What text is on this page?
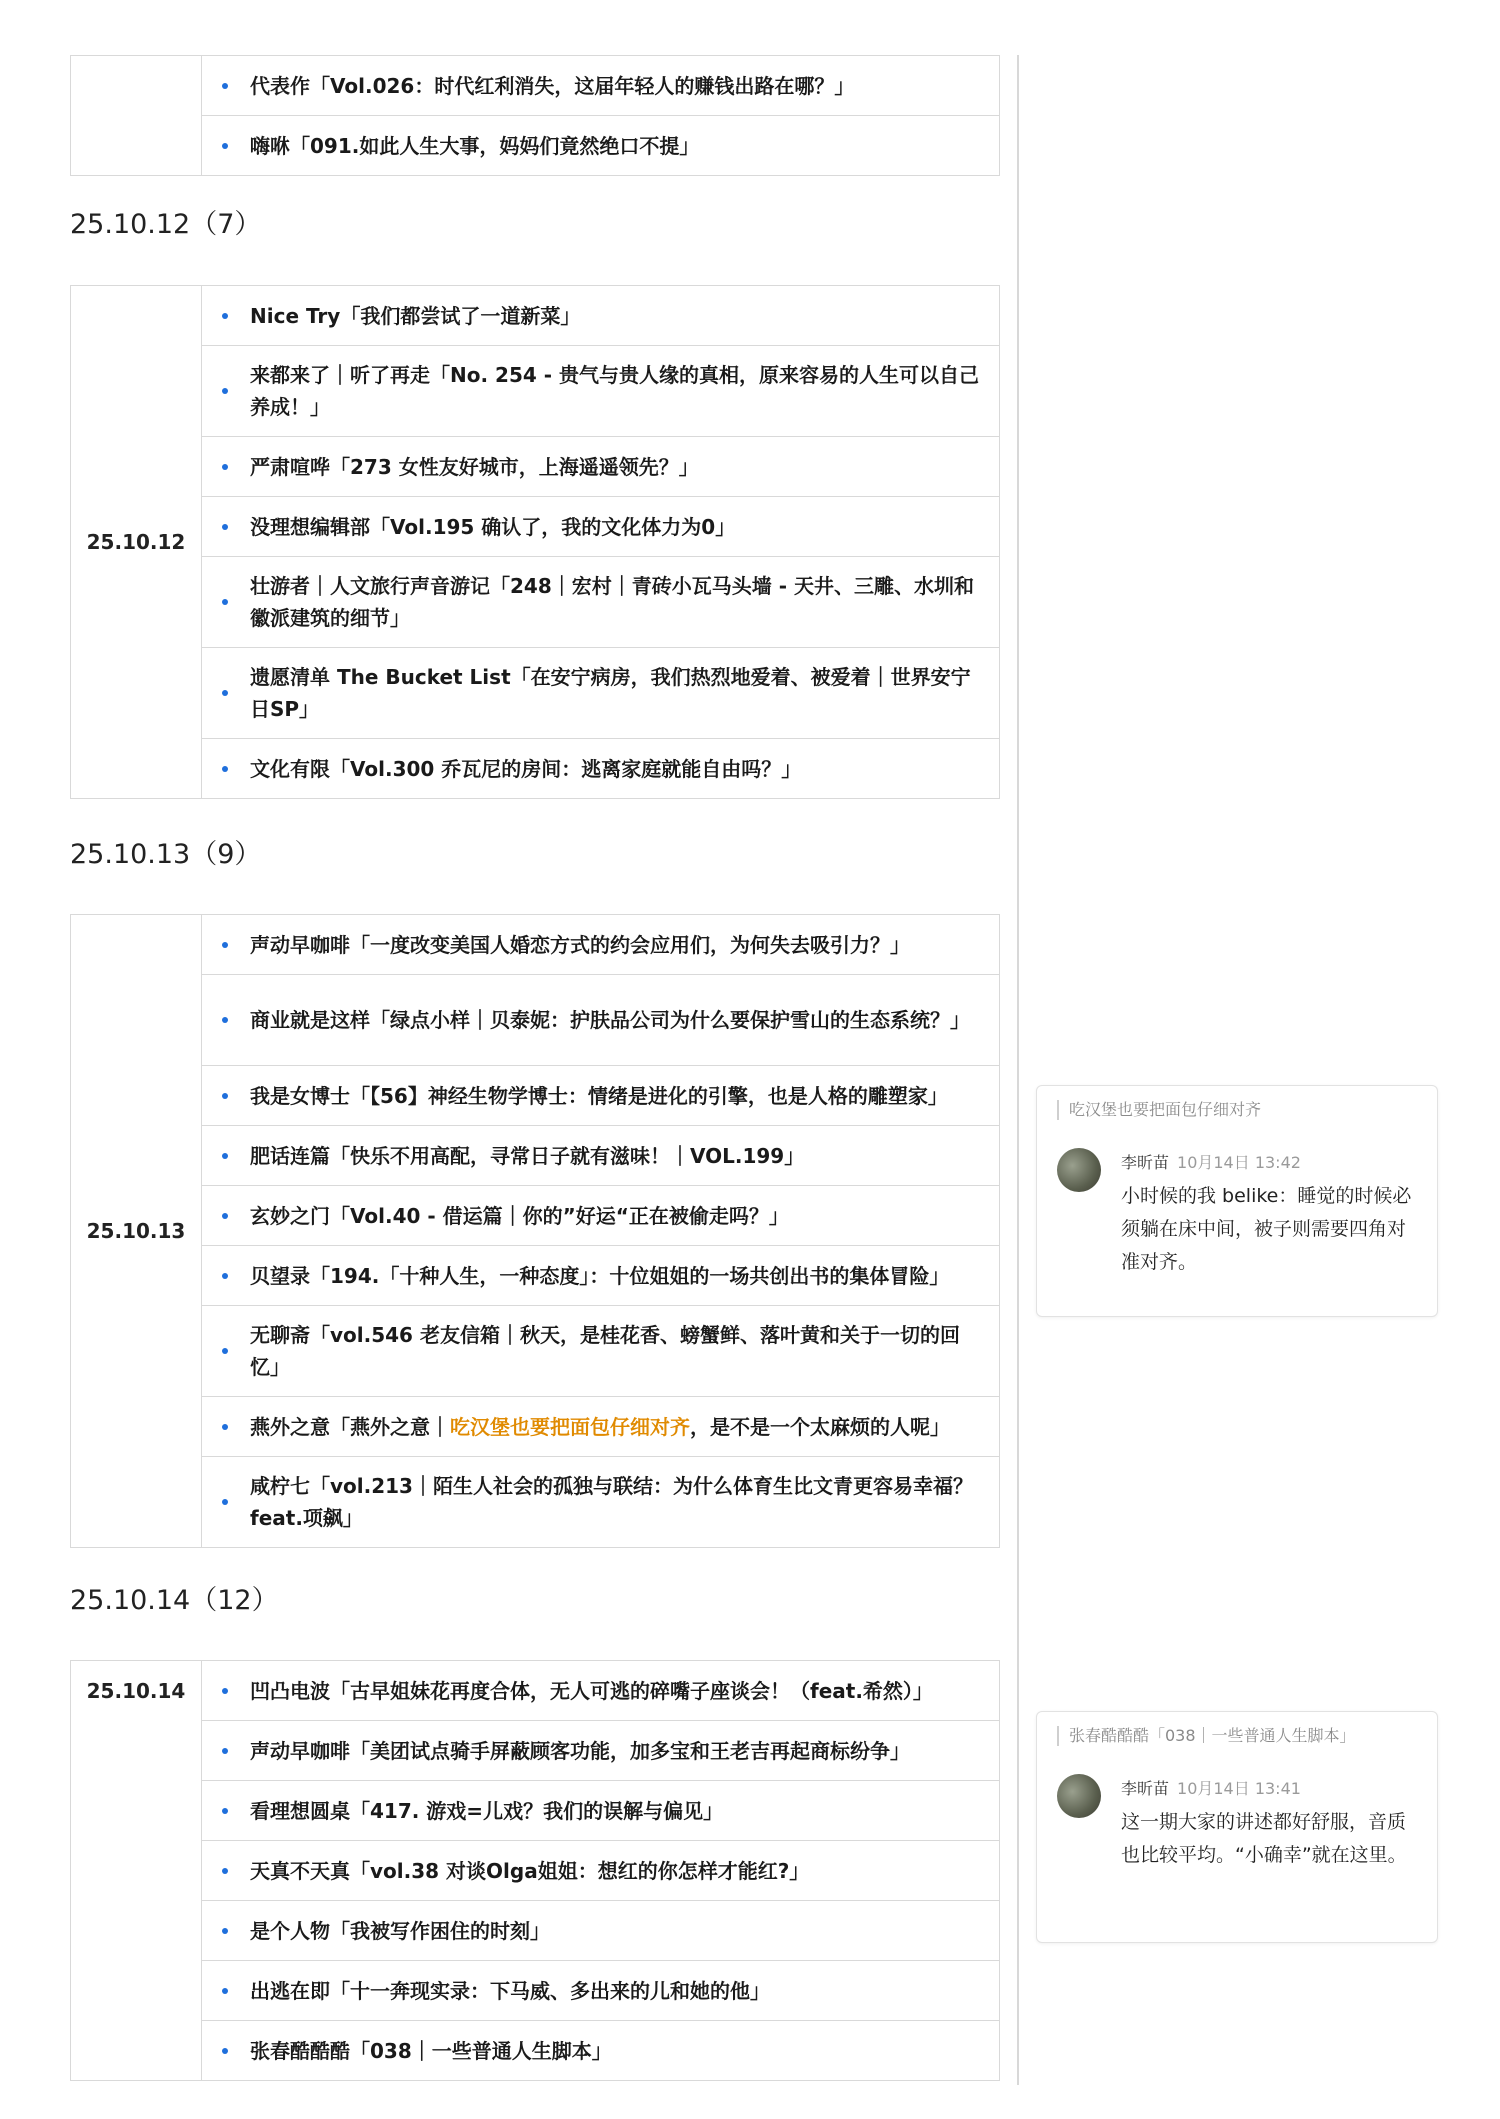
	代表作「Vol.026：时代红利消失，这届年轻人的赚钱出路在哪？」
嗨咻「091.如此人生大事，妈妈们竟然绝口不提」
25.10.12（7）
25.10.12	Nice Try「我们都尝试了一道新菜」
来都来了｜听了再走「No. 254 - 贵气与贵人缘的真相，原来容易的人生可以自己养成！」
严肃喧哗「273 女性友好城市，上海遥遥领先？」
没理想编辑部「Vol.195 确认了，我的文化体力为0」
壮游者｜人文旅行声音游记「248｜宏村｜青砖小瓦马头墙 - 天井、三雕、水圳和徽派建筑的细节」
遗愿清单 The Bucket List「在安宁病房，我们热烈地爱着、被爱着｜世界安宁日SP」
文化有限「Vol.300 乔瓦尼的房间：逃离家庭就能自由吗？」
25.10.13（9）
25.10.13	声动早咖啡「一度改变美国人婚恋方式的约会应用们，为何失去吸引力？」
商业就是这样「绿点小样｜贝泰妮：护肤品公司为什么要保护雪山的生态系统？」
我是女博士「【56】神经生物学博士：情绪是进化的引擎，也是人格的雕塑家」
肥话连篇「快乐不用高配，寻常日子就有滋味！｜VOL.199」
玄妙之门「Vol.40 - 借运篇｜你的”好运“正在被偷走吗？」
贝望录「194.「十种人生，一种态度」：十位姐姐的一场共创出书的集体冒险」
无聊斋「vol.546 老友信箱｜秋天，是桂花香、螃蟹鲜、落叶黄和关于一切的回忆」
燕外之意「燕外之意｜吃汉堡也要把面包仔细对齐，是不是一个太麻烦的人呢」
咸柠七「vol.213｜陌生人社会的孤独与联结：为什么体育生比文青更容易幸福？feat.项飙」
25.10.14（12）
25.10.14	凹凸电波「古早姐妹花再度合体，无人可逃的碎嘴子座谈会！（feat.希然）」
声动早咖啡「美团试点骑手屏蔽顾客功能，加多宝和王老吉再起商标纷争」
看理想圆桌「417. 游戏=儿戏？我们的误解与偏见」
天真不天真「vol.38 对谈Olga姐姐：想红的你怎样才能红?」
是个人物「我被写作困住的时刻」
出逃在即「十一奔现实录：下马威、多出来的儿和她的他」
张春酷酷酷「038｜一些普通人生脚本」
吃汉堡也要把面包仔细对齐
李昕苗 10月14日 13:42
小时候的我 belike：睡觉的时候必须躺在床中间，被子则需要四角对准对齐。
张春酷酷酷「038｜一些普通人生脚本」
李昕苗 10月14日 13:41
这一期大家的讲述都好舒服，音质也比较平均。“小确幸”就在这里。
